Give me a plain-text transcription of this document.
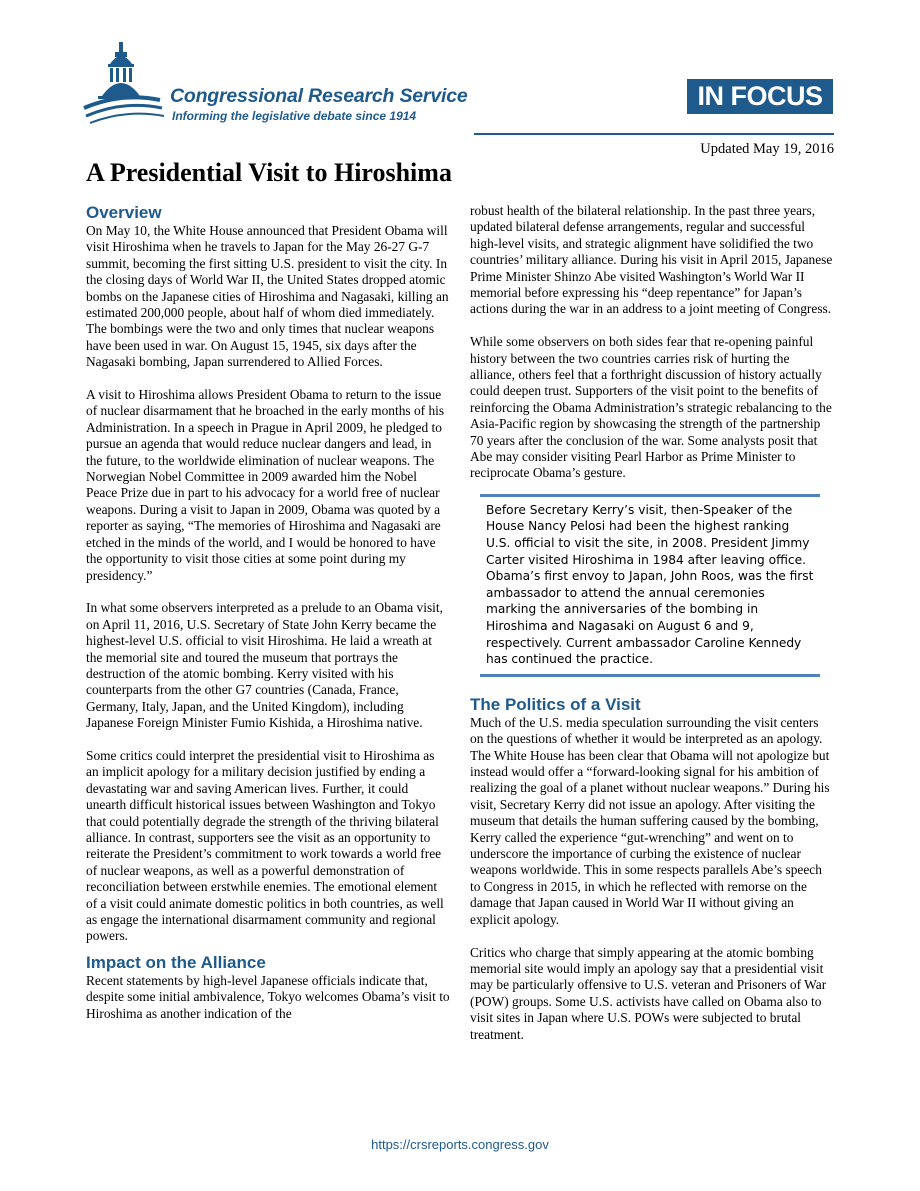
Congressional Research Service
Informing the legislative debate since 1914
IN FOCUS
Updated May 19, 2016
A Presidential Visit to Hiroshima
Overview

On May 10, the White House announced that President Obama will visit Hiroshima when he travels to Japan for the May 26-27 G-7 summit, becoming the first sitting U.S. president to visit the city. In the closing days of World War II, the United States dropped atomic bombs on the Japanese cities of Hiroshima and Nagasaki, killing an estimated 200,000 people, about half of whom died immediately. The bombings were the two and only times that nuclear weapons have been used in war. On August 15, 1945, six days after the Nagasaki bombing, Japan surrendered to Allied Forces.

A visit to Hiroshima allows President Obama to return to the issue of nuclear disarmament that he broached in the early months of his Administration. In a speech in Prague in April 2009, he pledged to pursue an agenda that would reduce nuclear dangers and lead, in the future, to the worldwide elimination of nuclear weapons. The Norwegian Nobel Committee in 2009 awarded him the Nobel Peace Prize due in part to his advocacy for a world free of nuclear weapons. During a visit to Japan in 2009, Obama was quoted by a reporter as saying, “The memories of Hiroshima and Nagasaki are etched in the minds of the world, and I would be honored to have the opportunity to visit those cities at some point during my presidency.”

In what some observers interpreted as a prelude to an Obama visit, on April 11, 2016, U.S. Secretary of State John Kerry became the highest-level U.S. official to visit Hiroshima. He laid a wreath at the memorial site and toured the museum that portrays the destruction of the atomic bombing. Kerry visited with his counterparts from the other G7 countries (Canada, France, Germany, Italy, Japan, and the United Kingdom), including Japanese Foreign Minister Fumio Kishida, a Hiroshima native.

Some critics could interpret the presidential visit to Hiroshima as an implicit apology for a military decision justified by ending a devastating war and saving American lives. Further, it could unearth difficult historical issues between Washington and Tokyo that could potentially degrade the strength of the thriving bilateral alliance. In contrast, supporters see the visit as an opportunity to reiterate the President’s commitment to work towards a world free of nuclear weapons, as well as a powerful demonstration of reconciliation between erstwhile enemies. The emotional element of a visit could animate domestic politics in both countries, as well as engage the international disarmament community and regional powers.

Impact on the Alliance

Recent statements by high-level Japanese officials indicate that, despite some initial ambivalence, Tokyo welcomes Obama’s visit to Hiroshima as another indication of the

robust health of the bilateral relationship. In the past three years, updated bilateral defense arrangements, regular and successful high-level visits, and strategic alignment have solidified the two countries’ military alliance. During his visit in April 2015, Japanese Prime Minister Shinzo Abe visited Washington’s World War II memorial before expressing his “deep repentance” for Japan’s actions during the war in an address to a joint meeting of Congress.

While some observers on both sides fear that re-opening painful history between the two countries carries risk of hurting the alliance, others feel that a forthright discussion of history actually could deepen trust. Supporters of the visit point to the benefits of reinforcing the Obama Administration’s strategic rebalancing to the Asia-Pacific region by showcasing the strength of the partnership 70 years after the conclusion of the war. Some analysts posit that Abe may consider visiting Pearl Harbor as Prime Minister to reciprocate Obama’s gesture.

Before Secretary Kerry’s visit, then-Speaker of the House Nancy Pelosi had been the highest ranking U.S. official to visit the site, in 2008. President Jimmy Carter visited Hiroshima in 1984 after leaving office. Obama’s first envoy to Japan, John Roos, was the first ambassador to attend the annual ceremonies marking the anniversaries of the bombing in Hiroshima and Nagasaki on August 6 and 9, respectively. Current ambassador Caroline Kennedy has continued the practice.
The Politics of a Visit

Much of the U.S. media speculation surrounding the visit centers on the questions of whether it would be interpreted as an apology. The White House has been clear that Obama will not apologize but instead would offer a “forward-looking signal for his ambition of realizing the goal of a planet without nuclear weapons.” During his visit, Secretary Kerry did not issue an apology. After visiting the museum that details the human suffering caused by the bombing, Kerry called the experience “gut-wrenching” and went on to underscore the importance of curbing the existence of nuclear weapons worldwide. This in some respects parallels Abe’s speech to Congress in 2015, in which he reflected with remorse on the damage that Japan caused in World War II without giving an explicit apology.

Critics who charge that simply appearing at the atomic bombing memorial site would imply an apology say that a presidential visit may be particularly offensive to U.S. veteran and Prisoners of War (POW) groups. Some U.S. activists have called on Obama also to visit sites in Japan where U.S. POWs were subjected to brutal treatment.

https://crsreports.congress.gov
